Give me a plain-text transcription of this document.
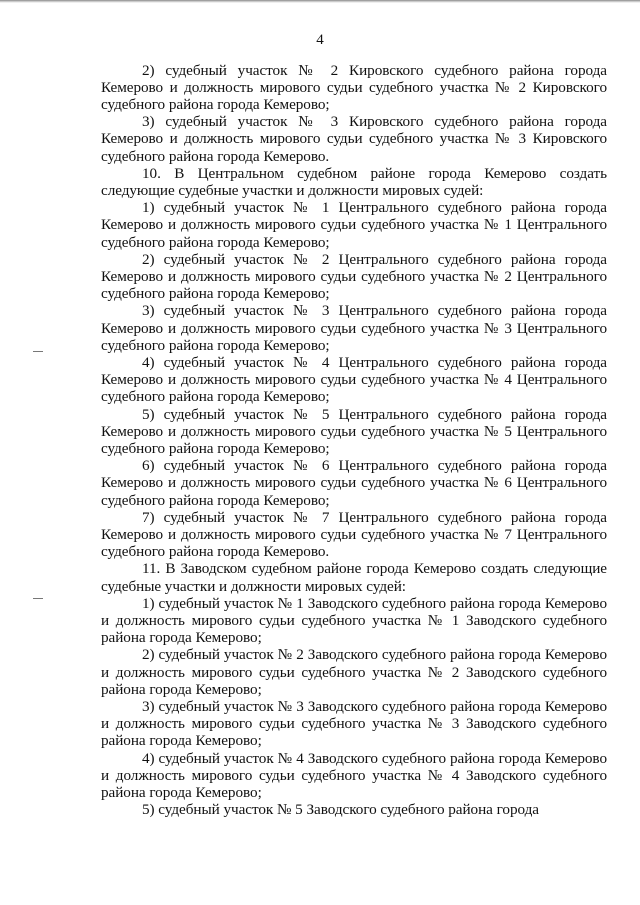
4

2) судебный участок № 2 Кировского судебного района города Кемерово и должность мирового судьи судебного участка № 2 Кировского судебного района города Кемерово;

3) судебный участок № 3 Кировского судебного района города Кемерово и должность мирового судьи судебного участка № 3 Кировского судебного района города Кемерово.

10. В Центральном судебном районе города Кемерово создать следующие судебные участки и должности мировых судей:

1) судебный участок № 1 Центрального судебного района города Кемерово и должность мирового судьи судебного участка № 1 Центрального судебного района города Кемерово;

2) судебный участок № 2 Центрального судебного района города Кемерово и должность мирового судьи судебного участка № 2 Центрального судебного района города Кемерово;

3) судебный участок № 3 Центрального судебного района города Кемерово и должность мирового судьи судебного участка № 3 Центрального судебного района города Кемерово;

4) судебный участок № 4 Центрального судебного района города Кемерово и должность мирового судьи судебного участка № 4 Центрального судебного района города Кемерово;

5) судебный участок № 5 Центрального судебного района города Кемерово и должность мирового судьи судебного участка № 5 Центрального судебного района города Кемерово;

6) судебный участок № 6 Центрального судебного района города Кемерово и должность мирового судьи судебного участка № 6 Центрального судебного района города Кемерово;

7) судебный участок № 7 Центрального судебного района города Кемерово и должность мирового судьи судебного участка № 7 Центрального судебного района города Кемерово.

11. В Заводском судебном районе города Кемерово создать следующие судебные участки и должности мировых судей:

1) судебный участок № 1 Заводского судебного района города Кемерово и должность мирового судьи судебного участка № 1 Заводского судебного района города Кемерово;

2) судебный участок № 2 Заводского судебного района города Кемерово и должность мирового судьи судебного участка № 2 Заводского судебного района города Кемерово;

3) судебный участок № 3 Заводского судебного района города Кемерово и должность мирового судьи судебного участка № 3 Заводского судебного района города Кемерово;

4) судебный участок № 4 Заводского судебного района города Кемерово и должность мирового судьи судебного участка № 4 Заводского судебного района города Кемерово;

5) судебный участок № 5 Заводского судебного района города
